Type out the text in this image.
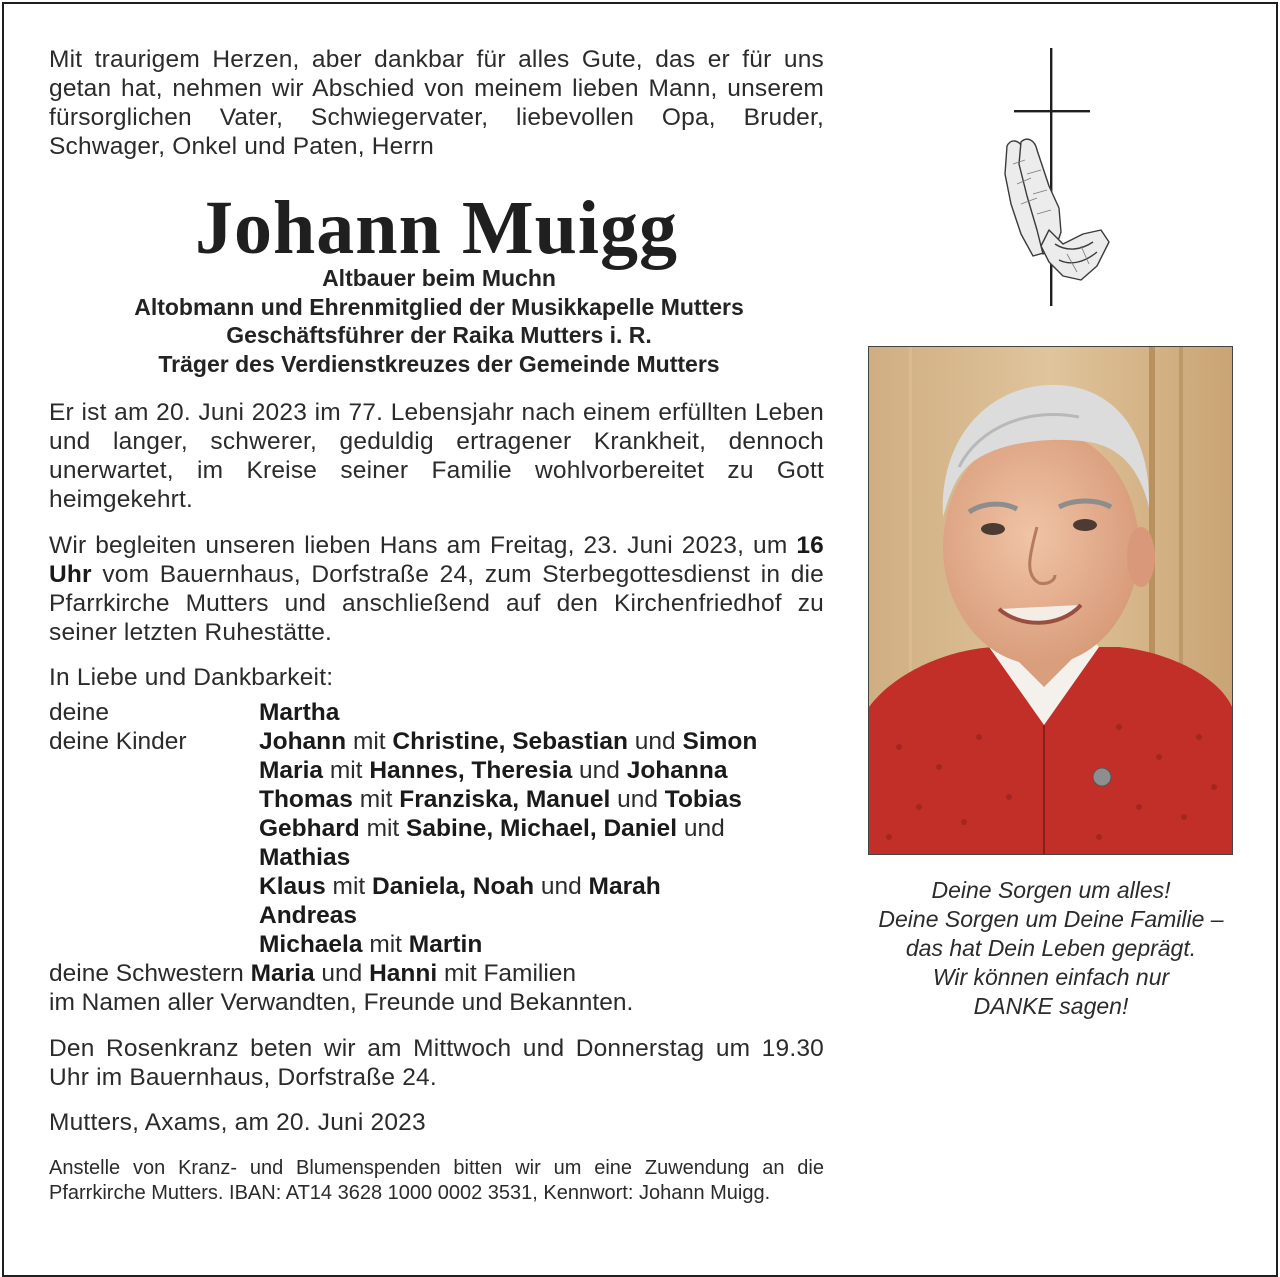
Mit traurigem Herzen, aber dankbar für alles Gute, das er für uns getan hat, nehmen wir Abschied von meinem lieben Mann, unserem fürsorglichen Vater, Schwiegervater, liebevollen Opa, Bruder, Schwager, Onkel und Paten, Herrn
Johann Muigg
Altbauer beim Muchn
Altobmann und Ehrenmitglied der Musikkapelle Mutters
Geschäftsführer der Raika Mutters i. R.
Träger des Verdienstkreuzes der Gemeinde Mutters
Er ist am 20. Juni 2023 im 77. Lebensjahr nach einem erfüllten Leben und langer, schwerer, geduldig ertragener Krankheit, dennoch unerwartet, im Kreise seiner Familie wohlvorbereitet zu Gott heimgekehrt.
Wir begleiten unseren lieben Hans am Freitag, 23. Juni 2023, um 16 Uhr vom Bauernhaus, Dorfstraße 24, zum Sterbegottesdienst in die Pfarrkirche Mutters und anschließend auf den Kirchenfriedhof zu seiner letzten Ruhestätte.
In Liebe und Dankbarkeit:
deine	Martha
deine Kinder	Johann mit Christine, Sebastian und Simon
Maria mit Hannes, Theresia und Johanna
Thomas mit Franziska, Manuel und Tobias
Gebhard mit Sabine, Michael, Daniel und
Mathias
Klaus mit Daniela, Noah und Marah
Andreas
Michaela mit Martin
deine Schwestern
Maria
und
Hanni
mit Familien
im Namen aller Verwandten, Freunde und Bekannten.
Den Rosenkranz beten wir am Mittwoch und Donnerstag um 19.30 Uhr im Bauernhaus, Dorfstraße 24.
Mutters, Axams, am 20. Juni 2023
Anstelle von Kranz- und Blumenspenden bitten wir um eine Zuwendung an die Pfarrkirche Mutters. IBAN: AT14 3628 1000 0002 3531, Kennwort: Johann Muigg.
Deine Sorgen um alles!
Deine Sorgen um Deine Familie –
das hat Dein Leben geprägt.
Wir können einfach nur
DANKE sagen!
